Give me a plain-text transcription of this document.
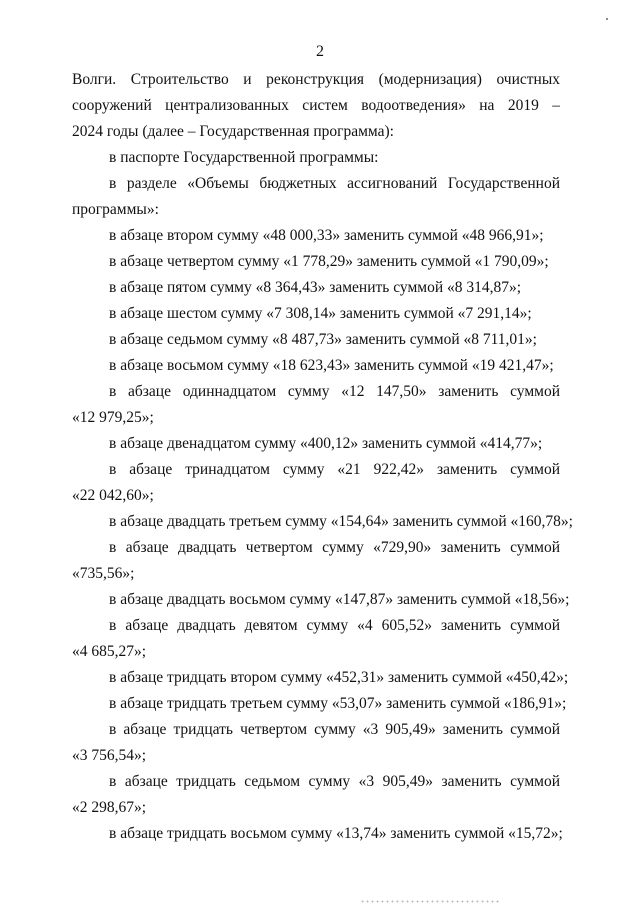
2
Волги. Строительство и реконструкция (модернизация) очистных
сооружений централизованных систем водоотведения» на 2019 –
2024 годы (далее – Государственная программа):
в паспорте Государственной программы:
в разделе «Объемы бюджетных ассигнований Государственной
программы»:
в абзаце втором сумму «48 000,33» заменить суммой «48 966,91»;
в абзаце четвертом сумму «1 778,29» заменить суммой «1 790,09»;
в абзаце пятом сумму «8 364,43» заменить суммой «8 314,87»;
в абзаце шестом сумму «7 308,14» заменить суммой «7 291,14»;
в абзаце седьмом сумму «8 487,73» заменить суммой «8 711,01»;
в абзаце восьмом сумму «18 623,43» заменить суммой «19 421,47»;
в абзаце одиннадцатом сумму «12 147,50» заменить суммой
«12 979,25»;
в абзаце двенадцатом сумму «400,12» заменить суммой «414,77»;
в абзаце тринадцатом сумму «21 922,42» заменить суммой
«22 042,60»;
в абзаце двадцать третьем сумму «154,64» заменить суммой «160,78»;
в абзаце двадцать четвертом сумму «729,90» заменить суммой
«735,56»;
в абзаце двадцать восьмом сумму «147,87» заменить суммой «18,56»;
в абзаце двадцать девятом сумму «4 605,52» заменить суммой
«4 685,27»;
в абзаце тридцать втором сумму «452,31» заменить суммой «450,42»;
в абзаце тридцать третьем сумму «53,07» заменить суммой «186,91»;
в абзаце тридцать четвертом сумму «3 905,49» заменить суммой
«3 756,54»;
в абзаце тридцать седьмом сумму «3 905,49» заменить суммой
«2 298,67»;
в абзаце тридцать восьмом сумму «13,74» заменить суммой «15,72»;
